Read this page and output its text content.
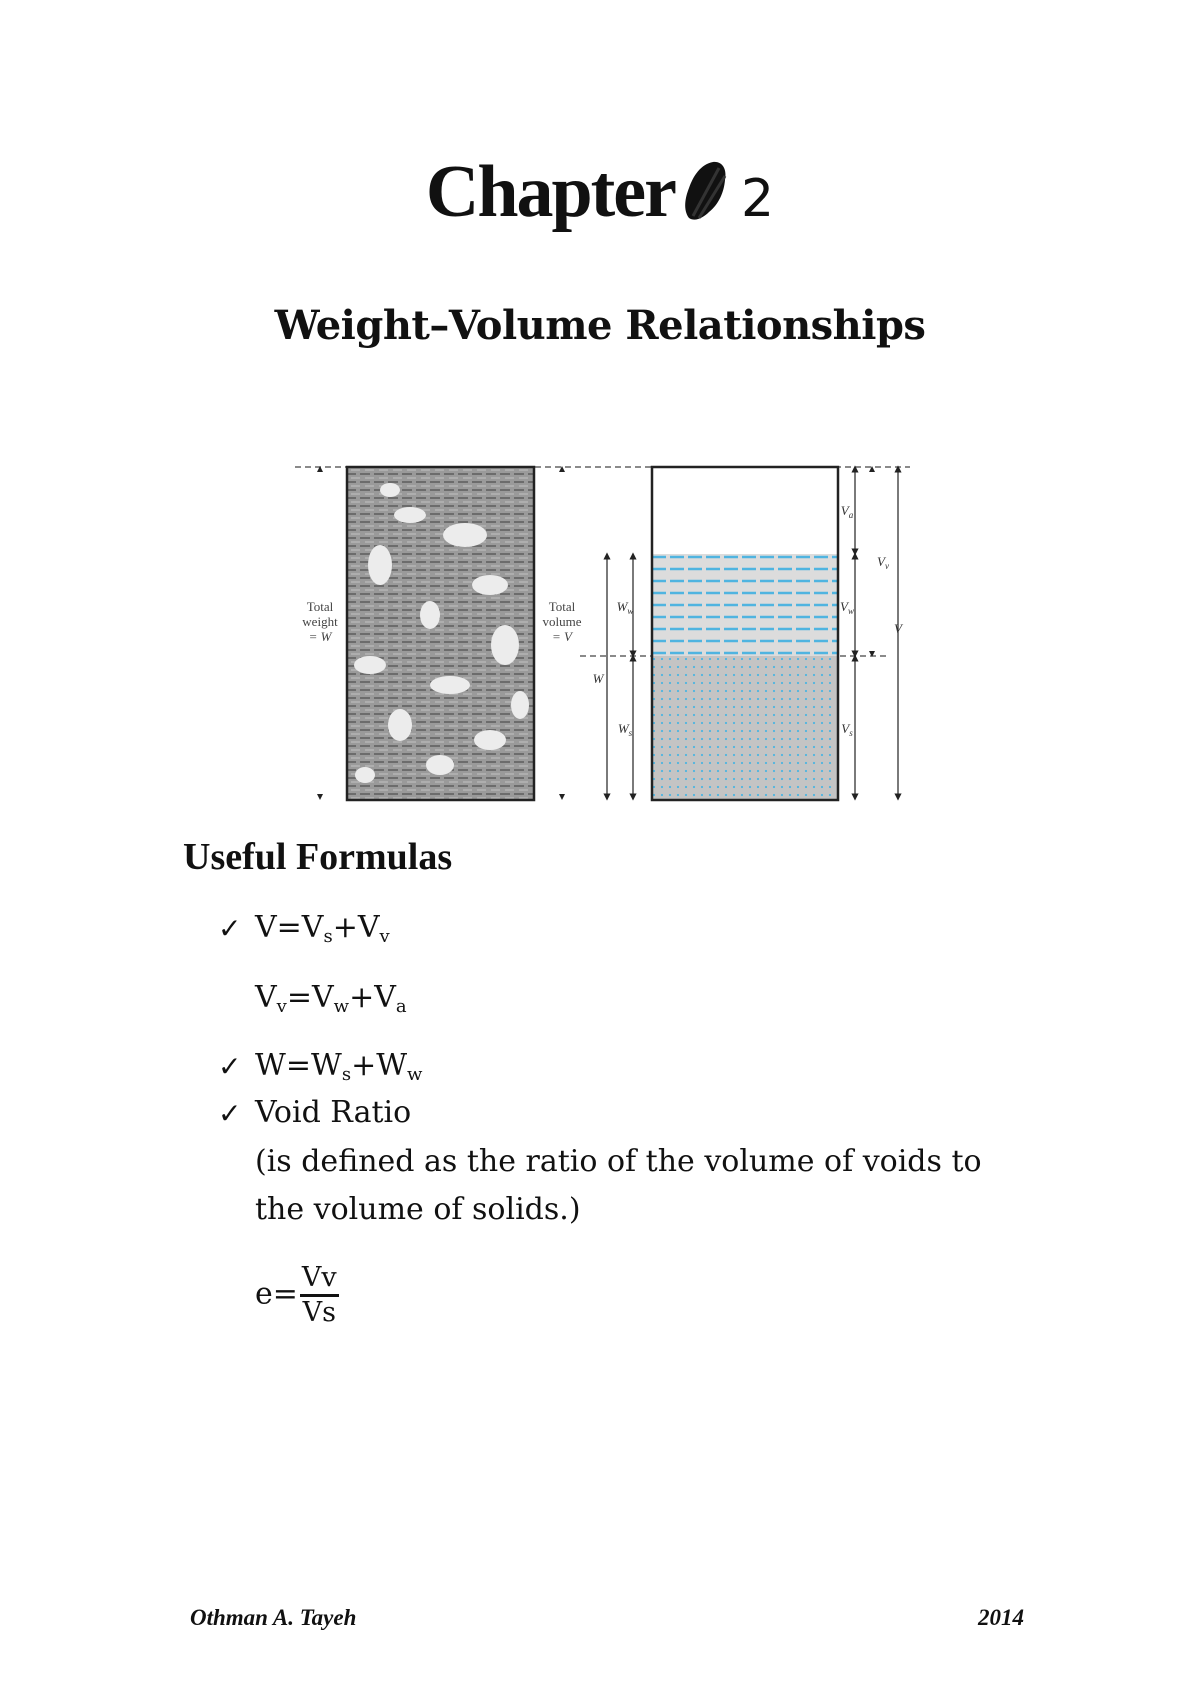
Chapter 2
Weight–Volume Relationships
Total
weight
= W
Total
volume
= V
W
$W_w$
$W_s$
$V_a$
$V_w$
$V_s$
$V_v$
V
Useful Formulas
✓ $V=V_s+V_v$
$V_v=V_w+V_a$
✓ $W=W_s+W_w$
✓ Void Ratio
(is defined as the ratio of the volume of voids to
the volume of solids.)
$e= \frac{Vv}{Vs}$
Othman A. Tayeh	2014
